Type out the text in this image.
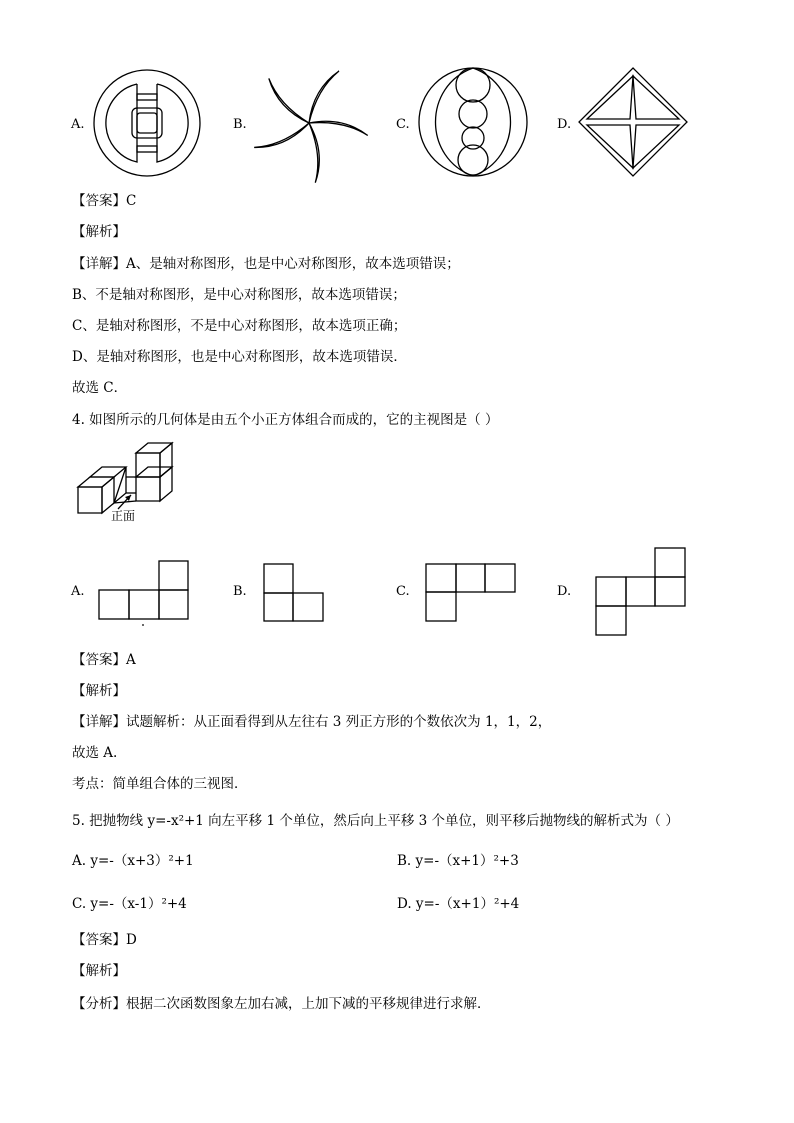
A.	B.	C.	D.
【答案】C
【解析】
【详解】A、是轴对称图形，也是中心对称图形，故本选项错误；
B、不是轴对称图形，是中心对称图形，故本选项错误；
C、是轴对称图形，不是中心对称图形，故本选项正确；
D、是轴对称图形，也是中心对称图形，故本选项错误．
故选 C．
4. 如图所示的几何体是由五个小正方体组合而成的，它的主视图是（ ）
正面
A.	B.	C.	D.
【答案】A
【解析】
【详解】试题解析：从正面看得到从左往右 3 列正方形的个数依次为 1，1，2，
故选 A.
考点：简单组合体的三视图．
5. 把抛物线 y=-x²+1 向左平移 1 个单位，然后向上平移 3 个单位，则平移后抛物线的解析式为（ ）
A. y=-（x+3）²+1	B. y=-（x+1）²+3
C. y=-（x-1）²+4	D. y=-（x+1）²+4
【答案】D
【解析】
【分析】根据二次函数图象左加右减，上加下减的平移规律进行求解．
